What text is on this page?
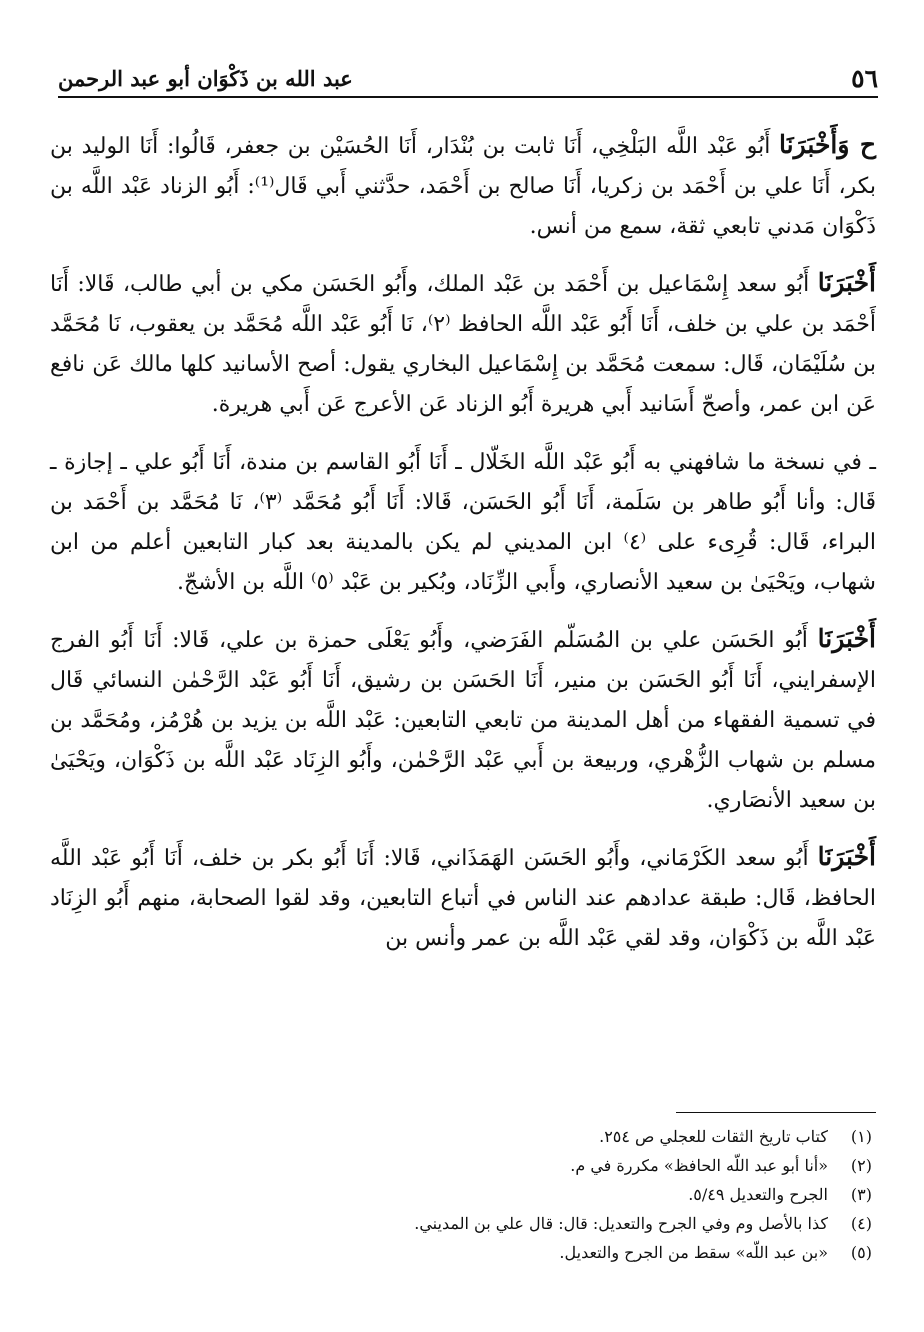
٥٦
عبد الله بن ذَكْوَان أبو عبد الرحمن

ح وَأَخْبَرَنَا أَبُو عَبْد اللَّه البَلْخِي، أَنَا ثابت بن بُنْدَار، أَنَا الحُسَيْن بن جعفر، قَالُوا: أَنَا الوليد بن بكر، أَنَا علي بن أَحْمَد بن زكريا، أَنَا صالح بن أَحْمَد، حدَّثني أَبي قَال⁽¹⁾: أَبُو الزناد عَبْد اللَّه بن ذَكْوَان مَدني تابعي ثقة، سمع من أنس.

أَخْبَرَنَا أَبُو سعد إِسْمَاعيل بن أَحْمَد بن عَبْد الملك، وأَبُو الحَسَن مكي بن أبي طالب، قَالا: أَنَا أَحْمَد بن علي بن خلف، أَنَا أَبُو عَبْد اللَّه الحافظ ⁽٢⁾، نَا أَبُو عَبْد اللَّه مُحَمَّد بن يعقوب، نَا مُحَمَّد بن سُلَيْمَان، قَال: سمعت مُحَمَّد بن إِسْمَاعيل البخاري يقول: أصح الأسانيد كلها مالك عَن نافع عَن ابن عمر، وأصحّ أَسَانيد أَبي هريرة أَبُو الزناد عَن الأعرج عَن أَبي هريرة.

ـ في نسخة ما شافهني به أَبُو عَبْد اللَّه الخَلّال ـ أَنَا أَبُو القاسم بن مندة، أَنَا أَبُو علي ـ إجازة ـ قَال: وأنا أَبُو طاهر بن سَلَمة، أَنَا أَبُو الحَسَن، قَالا: أَنَا أَبُو مُحَمَّد ⁽٣⁾، نَا مُحَمَّد بن أَحْمَد بن البراء، قَال: قُرِىء على ⁽٤⁾ ابن المديني لم يكن بالمدينة بعد كبار التابعين أعلم من ابن شهاب، ويَحْيَىٰ بن سعيد الأنصاري، وأَبي الزِّنَاد، وبُكير بن عَبْد ⁽٥⁾ اللَّه بن الأشجّ.

أَخْبَرَنَا أَبُو الحَسَن علي بن المُسَلّم الفَرَضي، وأَبُو يَعْلَى حمزة بن علي، قَالا: أَنَا أَبُو الفرج الإسفرايني، أَنَا أَبُو الحَسَن بن منير، أَنَا الحَسَن بن رشيق، أَنَا أَبُو عَبْد الرَّحْمٰن النسائي قَال في تسمية الفقهاء من أهل المدينة من تابعي التابعين: عَبْد اللَّه بن يزيد بن هُرْمُز، ومُحَمَّد بن مسلم بن شهاب الزُّهْري، وربيعة بن أَبي عَبْد الرَّحْمٰن، وأَبُو الزِنَاد عَبْد اللَّه بن ذَكْوَان، ويَحْيَىٰ بن سعيد الأنصَاري.

أَخْبَرَنَا أَبُو سعد الكَرْمَاني، وأَبُو الحَسَن الهَمَذَاني، قَالا: أَنَا أَبُو بكر بن خلف، أَنَا أَبُو عَبْد اللَّه الحافظ، قَال: طبقة عدادهم عند الناس في أتباع التابعين، وقد لقوا الصحابة، منهم أَبُو الزِنَاد عَبْد اللَّه بن ذَكْوَان، وقد لقي عَبْد اللَّه بن عمر وأنس بن

(١)
كتاب تاريخ الثقات للعجلي ص ٢٥٤.
(٢)
«أنا أبو عبد اللّه الحافظ» مكررة في م.
(٣)
الجرح والتعديل ٥/٤٩.
(٤)
كذا بالأصل وم وفي الجرح والتعديل: قال: قال علي بن المديني.
(٥)
«بن عبد اللّه» سقط من الجرح والتعديل.
